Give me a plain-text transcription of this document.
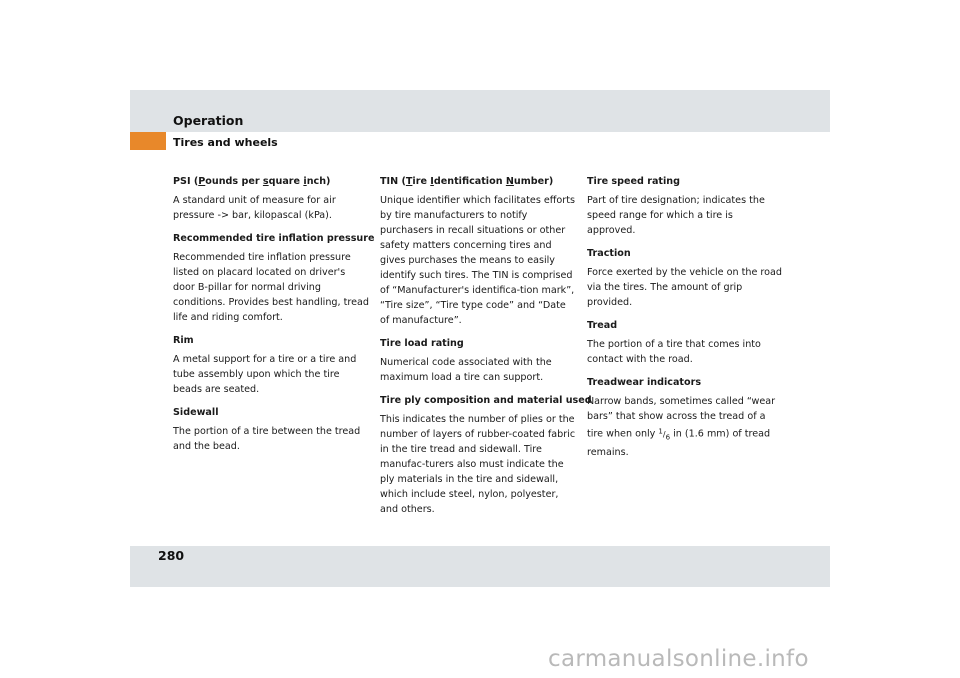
Operation
Tires and wheels
PSI (Pounds per square inch)
A standard unit of measure for air pressure -> bar, kilopascal (kPa).
Recommended tire inflation pressure
Recommended tire inflation pressure listed on placard located on driver's door B-pillar for normal driving conditions. Provides best handling, tread life and riding comfort.
Rim
A metal support for a tire or a tire and tube assembly upon which the tire beads are seated.
Sidewall
The portion of a tire between the tread and the bead.
TIN (Tire Identification Number)
Unique identifier which facilitates efforts by tire manufacturers to notify purchasers in recall situations or other safety matters concerning tires and gives purchases the means to easily identify such tires. The TIN is comprised of “Manufacturer's identifica-tion mark”, “Tire size”, “Tire type code” and “Date of manufacture”.
Tire load rating
Numerical code associated with the maximum load a tire can support.
Tire ply composition and material used
This indicates the number of plies or the number of layers of rubber-coated fabric in the tire tread and sidewall. Tire manufac-turers also must indicate the ply materials in the tire and sidewall, which include steel, nylon, polyester, and others.
Tire speed rating
Part of tire designation; indicates the speed range for which a tire is approved.
Traction
Force exerted by the vehicle on the road via the tires. The amount of grip provided.
Tread
The portion of a tire that comes into contact with the road.
Treadwear indicators
Narrow bands, sometimes called “wear bars” that show across the tread of a tire when only $^1/_6$ in (1.6 mm) of tread remains.
280
carmanualsonline.info
